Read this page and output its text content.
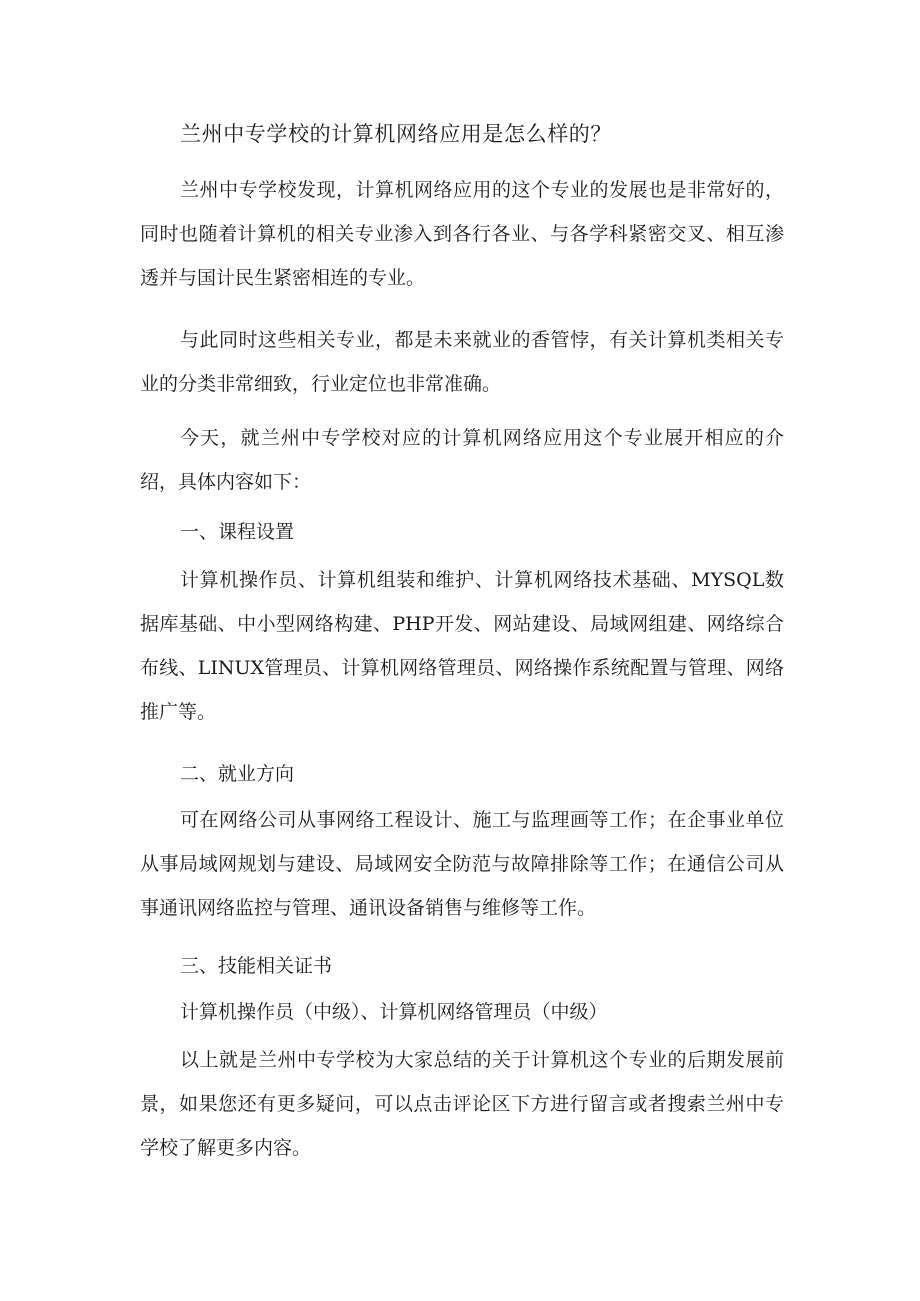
兰州中专学校的计算机网络应用是怎么样的？

兰州中专学校发现，计算机网络应用的这个专业的发展也是非常好的，同时也随着计算机的相关专业渗入到各行各业、与各学科紧密交叉、相互渗透并与国计民生紧密相连的专业。

与此同时这些相关专业，都是未来就业的香管悖，有关计算机类相关专业的分类非常细致，行业定位也非常准确。

今天，就兰州中专学校对应的计算机网络应用这个专业展开相应的介绍，具体内容如下：

一、课程设置

计算机操作员、计算机组装和维护、计算机网络技术基础、MYSQL数据库基础、中小型网络构建、PHP开发、网站建设、局域网组建、网络综合布线、LINUX管理员、计算机网络管理员、网络操作系统配置与管理、网络推广等。

二、就业方向

可在网络公司从事网络工程设计、施工与监理画等工作；在企事业单位从事局域网规划与建设、局域网安全防范与故障排除等工作；在通信公司从事通讯网络监控与管理、通讯设备销售与维修等工作。

三、技能相关证书

计算机操作员（中级）、计算机网络管理员（中级）

以上就是兰州中专学校为大家总结的关于计算机这个专业的后期发展前景，如果您还有更多疑问，可以点击评论区下方进行留言或者搜索兰州中专学校了解更多内容。
